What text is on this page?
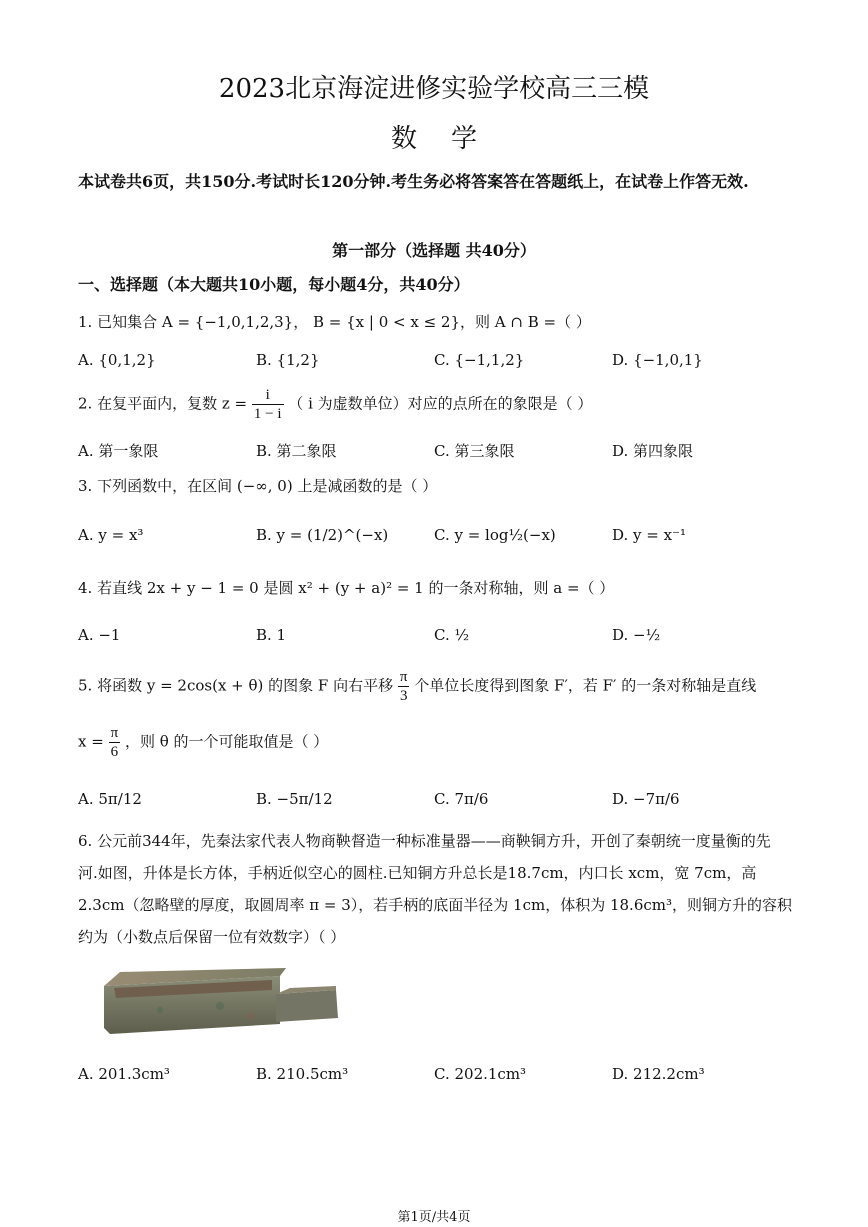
2023北京海淀进修实验学校高三三模
数学
本试卷共6页，共150分.考试时长120分钟.考生务必将答案答在答题纸上，在试卷上作答无效.
第一部分（选择题 共40分）
一、选择题（本大题共10小题，每小题4分，共40分）
1. 已知集合 A = {−1,0,1,2,3}， B = {x | 0 < x ≤ 2}，则 A ∩ B =（ ）
A. {0,1,2}	B. {1,2}	C. {−1,1,2}	D. {−1,0,1}
2. 在复平面内，复数 $z = \frac{i}{1 - i}$ （ i 为虚数单位）对应的点所在的象限是（ ）
A. 第一象限	B. 第二象限	C. 第三象限	D. 第四象限
3. 下列函数中，在区间 (−∞, 0) 上是减函数的是（ ）
A. y = x³	B. y = (1/2)^(−x)	C. y = log½(−x)	D. y = x⁻¹
4. 若直线 2x + y − 1 = 0 是圆 x² + (y + a)² = 1 的一条对称轴，则 a =（ ）
A. −1	B. 1	C. ½	D. −½
5. 将函数 y = 2cos(x + θ) 的图象 F 向右平移 $\frac{\pi}{3}$ 个单位长度得到图象 F′，若 F′ 的一条对称轴是直线
$x = \frac{\pi}{6}$ ，则 θ 的一个可能取值是（ ）
A. 5π/12	B. −5π/12	C. 7π/6	D. −7π/6
6. 公元前344年，先秦法家代表人物商鞅督造一种标准量器——商鞅铜方升，开创了秦朝统一度量衡的先
河.如图，升体是长方体，手柄近似空心的圆柱.已知铜方升总长是18.7cm，内口长 xcm，宽 7cm，高
2.3cm（忽略壁的厚度，取圆周率 π = 3），若手柄的底面半径为 1cm，体积为 18.6cm³，则铜方升的容积
约为（小数点后保留一位有效数字）（ ）
A. 201.3cm³	B. 210.5cm³	C. 202.1cm³	D. 212.2cm³
第1页/共4页
